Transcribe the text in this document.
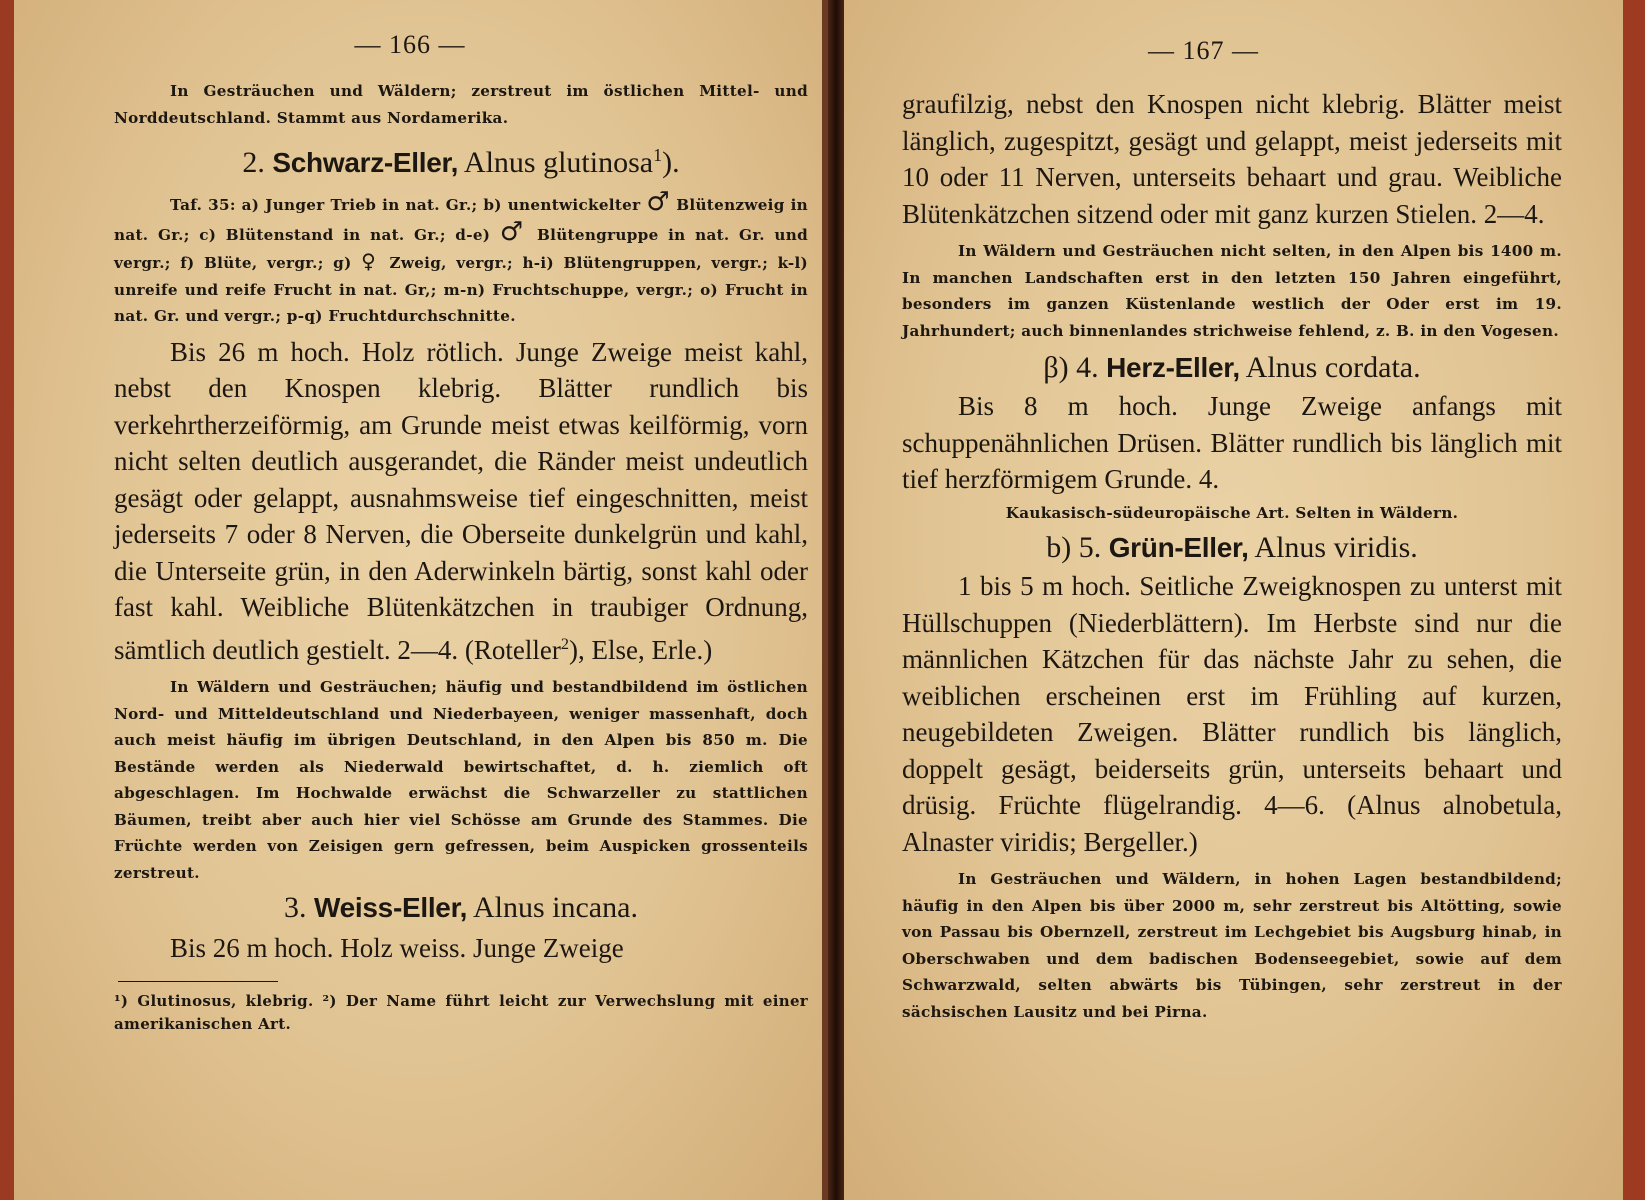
— 166 —

In Gesträuchen und Wäldern; zerstreut im östlichen Mittel- und Norddeutschland. Stammt aus Nordamerika.

2. Schwarz-Eller, Alnus glutinosa$^1$).

Taf. 35: a) Junger Trieb in nat. Gr.; b) unentwickelter ♂ Blütenzweig in nat. Gr.; c) Blütenstand in nat. Gr.; d-e) ♂ Blütengruppe in nat. Gr. und vergr.; f) Blüte, vergr.; g) ♀ Zweig, vergr.; h-i) Blütengruppen, vergr.; k-l) unreife und reife Frucht in nat. Gr,; m-n) Fruchtschuppe, vergr.; o) Frucht in nat. Gr. und vergr.; p-q) Fruchtdurchschnitte.

Bis 26 m hoch. Holz rötlich. Junge Zweige meist kahl, nebst den Knospen klebrig. Blätter rundlich bis verkehrtherzeiförmig, am Grunde meist etwas keilförmig, vorn nicht selten deutlich ausgerandet, die Ränder meist undeutlich gesägt oder gelappt, ausnahmsweise tief eingeschnitten, meist jederseits 7 oder 8 Nerven, die Oberseite dunkelgrün und kahl, die Unterseite grün, in den Aderwinkeln bärtig, sonst kahl oder fast kahl. Weibliche Blütenkätzchen in traubiger Ordnung, sämtlich deutlich gestielt. 2—4. (Roteller$^2$), Else, Erle.)

In Wäldern und Gesträuchen; häufig und bestandbildend im östlichen Nord- und Mitteldeutschland und Niederbayeen, weniger massenhaft, doch auch meist häufig im übrigen Deutschland, in den Alpen bis 850 m. Die Bestände werden als Niederwald bewirtschaftet, d. h. ziemlich oft abgeschlagen. Im Hochwalde erwächst die Schwarzeller zu stattlichen Bäumen, treibt aber auch hier viel Schösse am Grunde des Stammes. Die Früchte werden von Zeisigen gern gefressen, beim Auspicken grossenteils zerstreut.

3. Weiss-Eller, Alnus incana.

Bis 26 m hoch. Holz weiss. Junge Zweige

¹) Glutinosus, klebrig. ²) Der Name führt leicht zur Verwechslung mit einer amerikanischen Art.

— 167 —

graufilzig, nebst den Knospen nicht klebrig. Blätter meist länglich, zugespitzt, gesägt und gelappt, meist jederseits mit 10 oder 11 Nerven, unterseits behaart und grau. Weibliche Blütenkätzchen sitzend oder mit ganz kurzen Stielen. 2—4.

In Wäldern und Gesträuchen nicht selten, in den Alpen bis 1400 m. In manchen Landschaften erst in den letzten 150 Jahren eingeführt, besonders im ganzen Küstenlande westlich der Oder erst im 19. Jahrhundert; auch binnenlandes strichweise fehlend, z. B. in den Vogesen.

β) 4. Herz-Eller, Alnus cordata.

Bis 8 m hoch. Junge Zweige anfangs mit schuppenähnlichen Drüsen. Blätter rundlich bis länglich mit tief herzförmigem Grunde. 4.

Kaukasisch-südeuropäische Art. Selten in Wäldern.

b) 5. Grün-Eller, Alnus viridis.

1 bis 5 m hoch. Seitliche Zweigknospen zu unterst mit Hüllschuppen (Niederblättern). Im Herbste sind nur die männlichen Kätzchen für das nächste Jahr zu sehen, die weiblichen erscheinen erst im Frühling auf kurzen, neugebildeten Zweigen. Blätter rundlich bis länglich, doppelt gesägt, beiderseits grün, unterseits behaart und drüsig. Früchte flügelrandig. 4—6. (Alnus alnobetula, Alnaster viridis; Bergeller.)

In Gesträuchen und Wäldern, in hohen Lagen bestandbildend; häufig in den Alpen bis über 2000 m, sehr zerstreut bis Altötting, sowie von Passau bis Obernzell, zerstreut im Lechgebiet bis Augsburg hinab, in Oberschwaben und dem badischen Bodenseegebiet, sowie auf dem Schwarzwald, selten abwärts bis Tübingen, sehr zerstreut in der sächsischen Lausitz und bei Pirna.
